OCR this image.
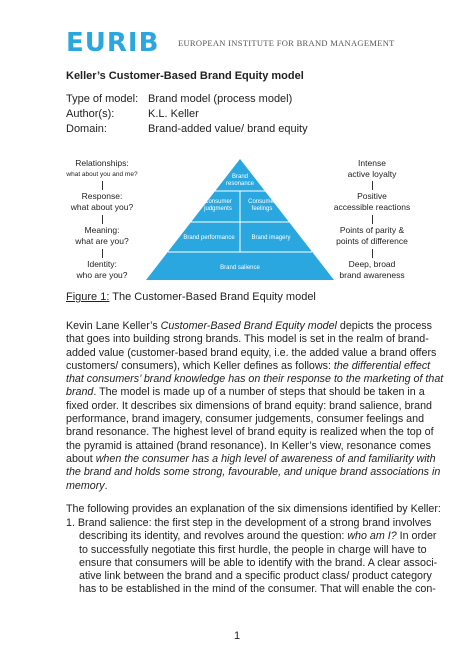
EURIB EUROPEAN INSTITUTE FOR BRAND MANAGEMENT
Keller’s Customer-Based Brand Equity model
Type of model: Brand model (process model)
Author(s):	K.L. Keller
Domain:	Brand-added value/ brand equity
Relationships:
what about you and me?
Response:
what about you?
Meaning:
what are you?
Identity:
who are you?
Brand
resonance
Consumer
judgments
Consumer
feelings
Brand performance	Brand imagery
Brand salience
Intense
active loyalty
Positive
accessible reactions
Points of parity &
points of difference
Deep, broad
brand awareness
Figure 1: The Customer-Based Brand Equity model
Kevin Lane Keller’s Customer-Based Brand Equity model depicts the process
that goes into building strong brands. This model is set in the realm of brand-
added value (customer-based brand equity, i.e. the added value a brand offers
customers/ consumers), which Keller defines as follows: the differential effect
that consumers’ brand knowledge has on their response to the marketing of that
brand. The model is made up of a number of steps that should be taken in a
fixed order. It describes six dimensions of brand equity: brand salience, brand
performance, brand imagery, consumer judgements, consumer feelings and
brand resonance. The highest level of brand equity is realized when the top of
the pyramid is attained (brand resonance). In Keller’s view, resonance comes
about when the consumer has a high level of awareness of and familiarity with
the brand and holds some strong, favourable, and unique brand associations in
memory.
The following provides an explanation of the six dimensions identified by Keller:
1. Brand salience: the first step in the development of a strong brand involves
describing its identity, and revolves around the question: who am I? In order
to successfully negotiate this first hurdle, the people in charge will have to
ensure that consumers will be able to identify with the brand. A clear associ-
ative link between the brand and a specific product class/ product category
has to be established in the mind of the consumer. That will enable the con-
1
